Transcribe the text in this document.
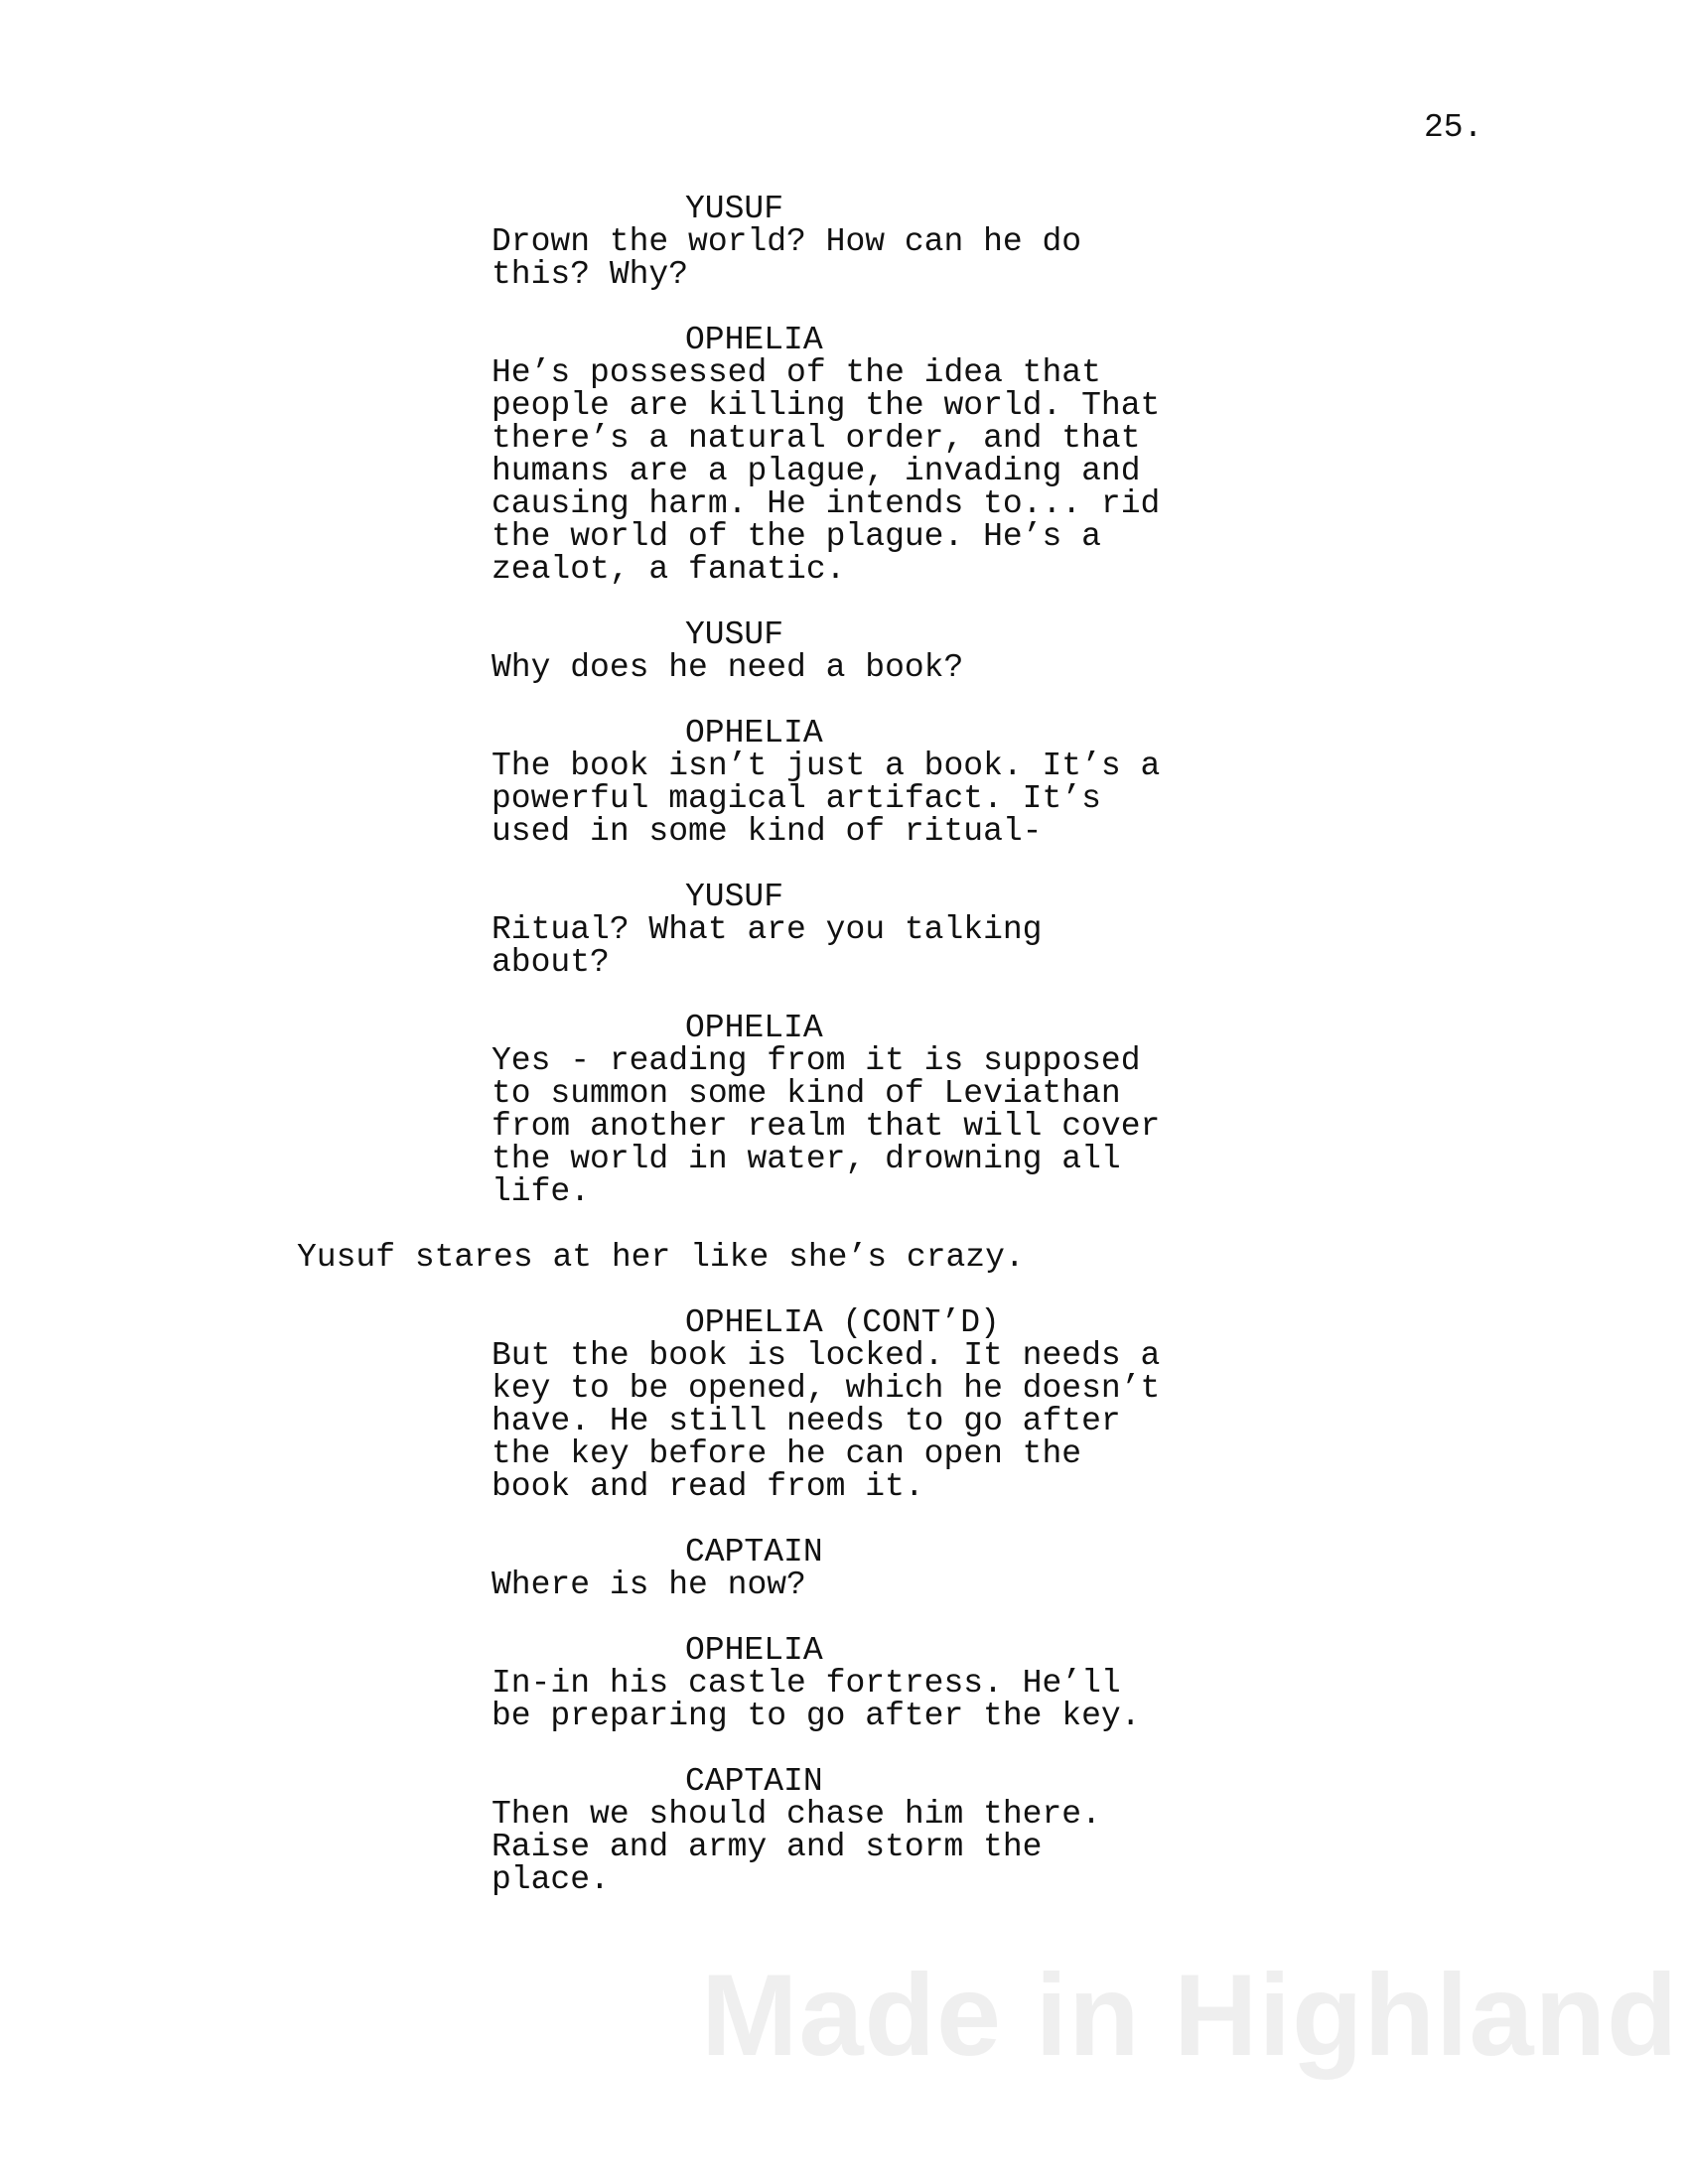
25.
YUSUF
Drown the world? How can he do
this? Why?
OPHELIA
He’s possessed of the idea that
people are killing the world. That
there’s a natural order, and that
humans are a plague, invading and
causing harm. He intends to... rid
the world of the plague. He’s a
zealot, a fanatic.
YUSUF
Why does he need a book?
OPHELIA
The book isn’t just a book. It’s a
powerful magical artifact. It’s
used in some kind of ritual-
YUSUF
Ritual? What are you talking
about?
OPHELIA
Yes - reading from it is supposed
to summon some kind of Leviathan
from another realm that will cover
the world in water, drowning all
life.
Yusuf stares at her like she’s crazy.
OPHELIA (CONT’D)
But the book is locked. It needs a
key to be opened, which he doesn’t
have. He still needs to go after
the key before he can open the
book and read from it.
CAPTAIN
Where is he now?
OPHELIA
In-in his castle fortress. He’ll
be preparing to go after the key.
CAPTAIN
Then we should chase him there.
Raise and army and storm the
place.
Made in Highland
